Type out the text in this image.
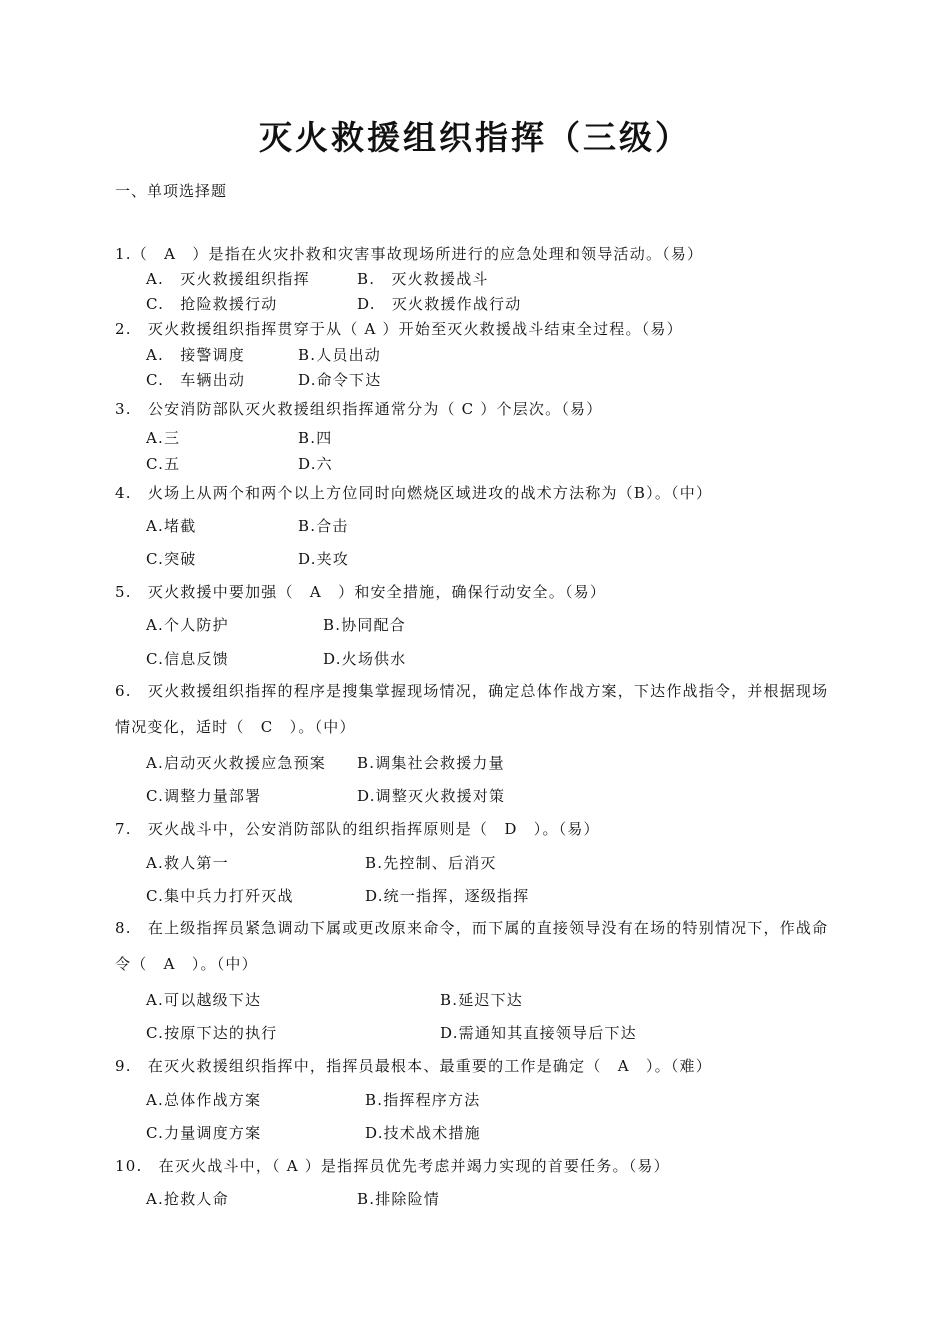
灭火救援组织指挥（三级）

一、单项选择题

1.（　A　）是指在火灾扑救和灾害事故现场所进行的应急处理和领导活动。（易）
A.　灭火救援组织指挥	B.　灭火救援战斗
C.　抢险救援行动	D.　灭火救援作战行动
2.　灭火救援组织指挥贯穿于从（ A ）开始至灭火救援战斗结束全过程。（易）
A.　接警调度	B.人员出动
C.　车辆出动	D.命令下达
3.　公安消防部队灭火救援组织指挥通常分为（ C ）个层次。（易）
A.三	B.四
C.五	D.六
4.　火场上从两个和两个以上方位同时向燃烧区域进攻的战术方法称为（B）。（中）
A.堵截	B.合击
C.突破	D.夹攻
5.　灭火救援中要加强（　A　）和安全措施，确保行动安全。（易）
A.个人防护	B.协同配合
C.信息反馈	D.火场供水
6.　灭火救援组织指挥的程序是搜集掌握现场情况，确定总体作战方案，下达作战指令，并根据现场情况变化，适时（　C　）。（中）
A.启动灭火救援应急预案 B.调集社会救援力量
C.调整力量部署	D.调整灭火救援对策
7.　灭火战斗中，公安消防部队的组织指挥原则是（　D　）。（易）
A.救人第一	B.先控制、后消灭
C.集中兵力打歼灭战	D.统一指挥，逐级指挥
8.　在上级指挥员紧急调动下属或更改原来命令，而下属的直接领导没有在场的特别情况下，作战命令（　A　）。（中）
A.可以越级下达	B.延迟下达
C.按原下达的执行	D.需通知其直接领导后下达
9.　在灭火救援组织指挥中，指挥员最根本、最重要的工作是确定（　A　）。（难）
A.总体作战方案	B.指挥程序方法
C.力量调度方案	D.技术战术措施
10.　在灭火战斗中，（ A ）是指挥员优先考虑并竭力实现的首要任务。（易）
A.抢救人命	B.排除险情
